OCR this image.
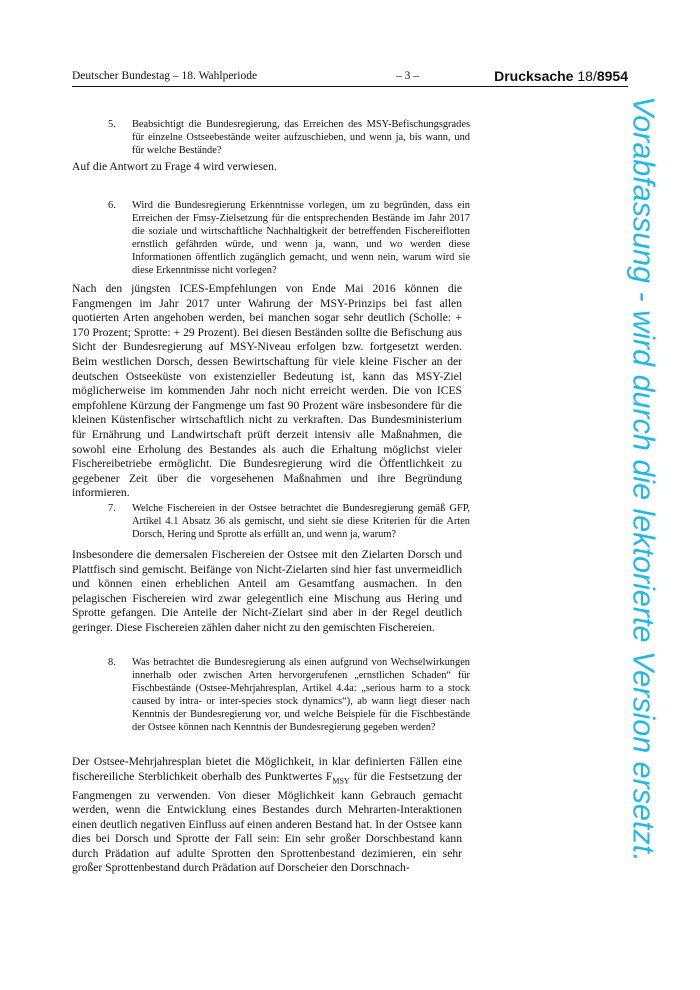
Deutscher Bundestag – 18. Wahlperiode	– 3 –	Drucksache 18/8954
5. Beabsichtigt die Bundesregierung, das Erreichen des MSY-Befischungsgrades für einzelne Ostseebestände weiter aufzuschieben, und wenn ja, bis wann, und für welche Bestände?

Auf die Antwort zu Frage 4 wird verwiesen.

6. Wird die Bundesregierung Erkenntnisse vorlegen, um zu begründen, dass ein Erreichen der Fmsy-Zielsetzung für die entsprechenden Bestände im Jahr 2017 die soziale und wirtschaftliche Nachhaltigkeit der betreffenden Fischereiflotten ernstlich gefährden würde, und wenn ja, wann, und wo werden diese Informationen öffentlich zugänglich gemacht, und wenn nein, warum wird sie diese Erkenntnisse nicht vorlegen?

Nach den jüngsten ICES-Empfehlungen von Ende Mai 2016 können die Fangmengen im Jahr 2017 unter Wahrung der MSY-Prinzips bei fast allen quotierten Arten angehoben werden, bei manchen sogar sehr deutlich (Scholle: + 170 Prozent; Sprotte: + 29 Prozent). Bei diesen Beständen sollte die Befischung aus Sicht der Bundesregierung auf MSY-Niveau erfolgen bzw. fortgesetzt werden. Beim westlichen Dorsch, dessen Bewirtschaftung für viele kleine Fischer an der deutschen Ostseeküste von existenzieller Bedeutung ist, kann das MSY-Ziel möglicherweise im kommenden Jahr noch nicht erreicht werden. Die von ICES empfohlene Kürzung der Fangmenge um fast 90 Prozent wäre insbesondere für die kleinen Küstenfischer wirtschaftlich nicht zu verkraften. Das Bundesministerium für Ernährung und Landwirtschaft prüft derzeit intensiv alle Maßnahmen, die sowohl eine Erholung des Bestandes als auch die Erhaltung möglichst vieler Fischereibetriebe ermöglicht. Die Bundesregierung wird die Öffentlichkeit zu gegebener Zeit über die vorgesehenen Maßnahmen und ihre Begründung informieren.

7. Welche Fischereien in der Ostsee betrachtet die Bundesregierung gemäß GFP, Artikel 4.1 Absatz 36 als gemischt, und sieht sie diese Kriterien für die Arten Dorsch, Hering und Sprotte als erfüllt an, und wenn ja, warum?

Insbesondere die demersalen Fischereien der Ostsee mit den Zielarten Dorsch und Plattfisch sind gemischt. Beifänge von Nicht-Zielarten sind hier fast unvermeidlich und können einen erheblichen Anteil am Gesamtfang ausmachen. In den pelagischen Fischereien wird zwar gelegentlich eine Mischung aus Hering und Sprotte gefangen. Die Anteile der Nicht-Zielart sind aber in der Regel deutlich geringer. Diese Fischereien zählen daher nicht zu den gemischten Fischereien.

8. Was betrachtet die Bundesregierung als einen aufgrund von Wechselwirkungen innerhalb oder zwischen Arten hervorgerufenen „ernstlichen Schaden“ für Fischbestände (Ostsee-Mehrjahresplan, Artikel 4.4a: „serious harm to a stock caused by intra- or inter-species stock dynamics“), ab wann liegt dieser nach Kenntnis der Bundesregierung vor, und welche Beispiele für die Fischbestände der Ostsee können nach Kenntnis der Bundesregierung gegeben werden?

Der Ostsee-Mehrjahresplan bietet die Möglichkeit, in klar definierten Fällen eine fischereiliche Sterblichkeit oberhalb des Punktwertes $F_{MSY}$ für die Festsetzung der Fangmengen zu verwenden. Von dieser Möglichkeit kann Gebrauch gemacht werden, wenn die Entwicklung eines Bestandes durch Mehrarten-Interaktionen einen deutlich negativen Einfluss auf einen anderen Bestand hat. In der Ostsee kann dies bei Dorsch und Sprotte der Fall sein: Ein sehr großer Dorschbestand kann durch Prädation auf adulte Sprotten den Sprottenbestand dezimieren, ein sehr großer Sprottenbestand durch Prädation auf Dorscheier den Dorschnach-

Vorabfassung - wird durch die lektorierte Version ersetzt.
